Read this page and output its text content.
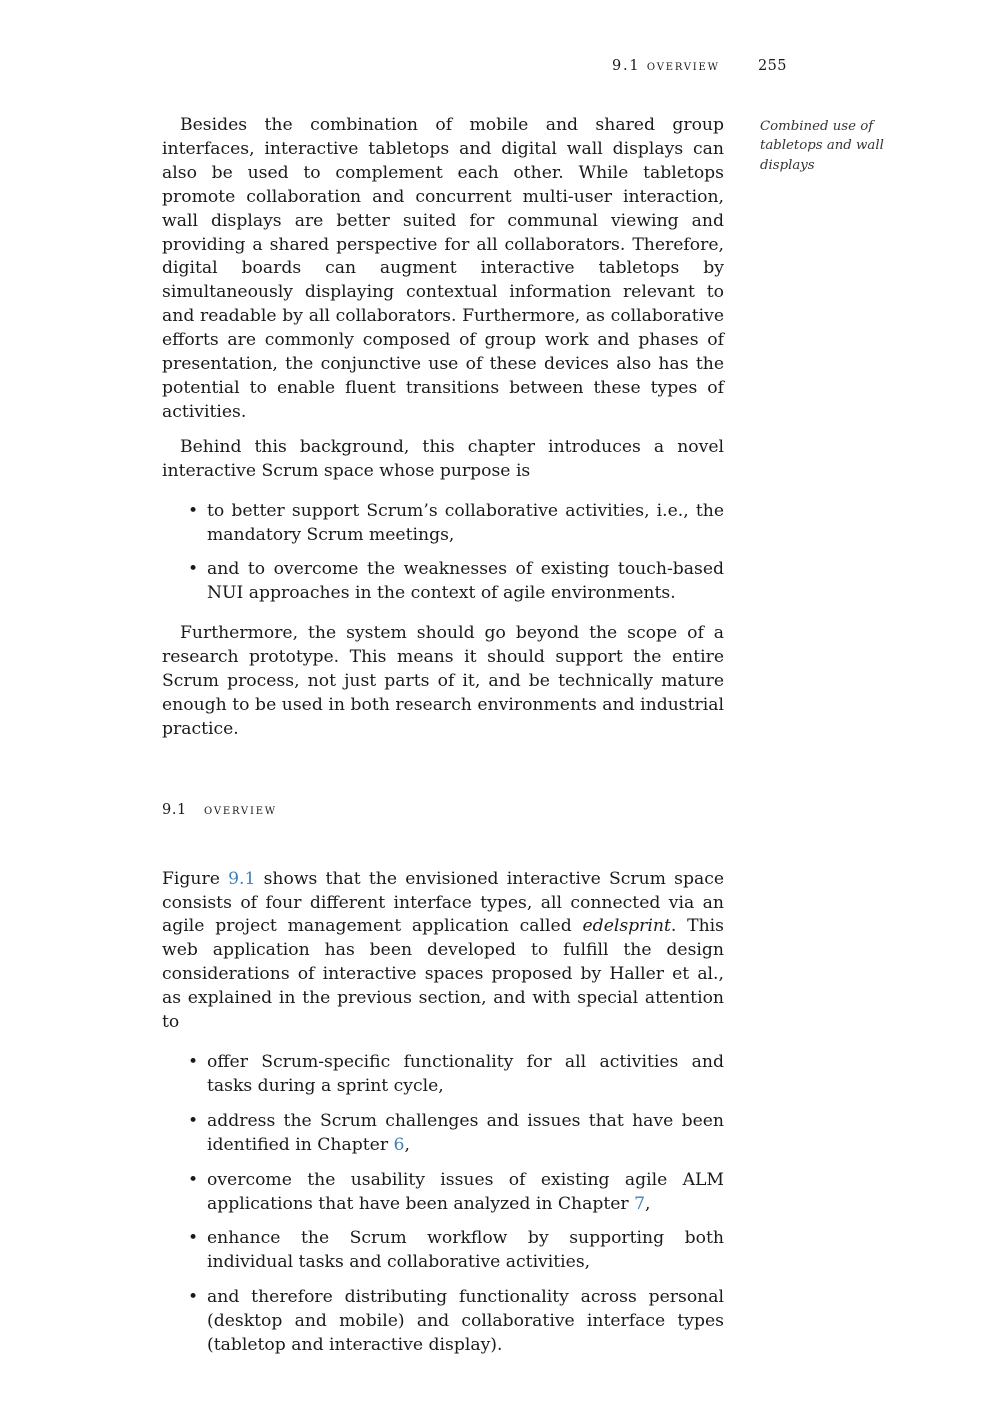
9.1 overview	255
Combined use of tabletops and wall displays

Besides the combination of mobile and shared group interfaces, interactive tabletops and digital wall displays can also be used to complement each other. While tabletops promote collaboration and concurrent multi-user interaction, wall displays are better suited for communal viewing and providing a shared perspective for all collaborators. Therefore, digital boards can augment interactive tabletops by simultaneously displaying contextual information relevant to and readable by all collaborators. Furthermore, as collaborative efforts are commonly composed of group work and phases of presentation, the conjunctive use of these devices also has the potential to enable fluent transitions between these types of activities.

Behind this background, this chapter introduces a novel interactive Scrum space whose purpose is

• to better support Scrum’s collaborative activities, i.e., the mandatory Scrum meetings,
• and to overcome the weaknesses of existing touch-based NUI approaches in the context of agile environments.

Furthermore, the system should go beyond the scope of a research prototype. This means it should support the entire Scrum process, not just parts of it, and be technically mature enough to be used in both research environments and industrial practice.

9.1 overview

Figure 9.1 shows that the envisioned interactive Scrum space consists of four different interface types, all connected via an agile project management application called edelsprint. This web application has been developed to fulfill the design considerations of interactive spaces proposed by Haller et al., as explained in the previous section, and with special attention to

• offer Scrum-specific functionality for all activities and tasks during a sprint cycle,
• address the Scrum challenges and issues that have been identified in Chapter 6,
• overcome the usability issues of existing agile ALM applications that have been analyzed in Chapter 7,
• enhance the Scrum workflow by supporting both individual tasks and collaborative activities,
• and therefore distributing functionality across personal (desktop and mobile) and collaborative interface types (tabletop and interactive display).
